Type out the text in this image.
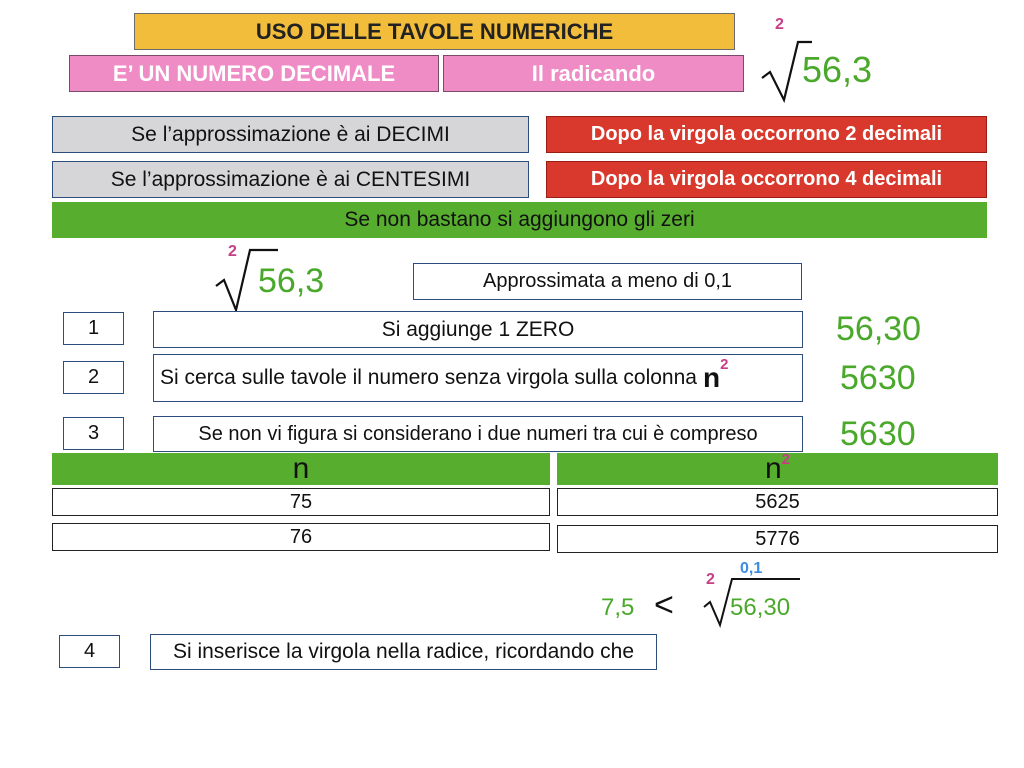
USO DELLE TAVOLE NUMERICHE
E’ UN NUMERO DECIMALE	Il radicando
2
56,3
Se l’approssimazione è ai DECIMI	Dopo la virgola occorrono 2 decimali
Se l’approssimazione è ai CENTESIMI	Dopo la virgola occorrono 4 decimali
Se non bastano si aggiungono gli zeri
2
56,3	Approssimata a meno di 0,1
1	Si aggiunge 1 ZERO	56,30
2	Si cerca sulle tavole il numero senza virgola sulla colonna n 2	5630
3	Se non vi figura si considerano i due numeri tra cui è compreso	5630
n	n 2
75	5625
76	5776
7,5 <
2
0,1
56,30
4	Si inserisce la virgola nella radice, ricordando che
